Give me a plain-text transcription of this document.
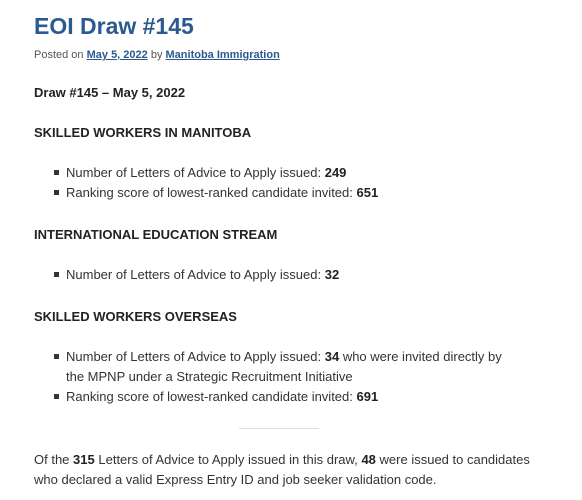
EOI Draw #145
Posted on May 5, 2022 by Manitoba Immigration
Draw #145 – May 5, 2022
SKILLED WORKERS IN MANITOBA
Number of Letters of Advice to Apply issued: 249
Ranking score of lowest-ranked candidate invited: 651
INTERNATIONAL EDUCATION STREAM
Number of Letters of Advice to Apply issued: 32
SKILLED WORKERS OVERSEAS
Number of Letters of Advice to Apply issued: 34 who were invited directly by the MPNP under a Strategic Recruitment Initiative
Ranking score of lowest-ranked candidate invited: 691

Of the 315 Letters of Advice to Apply issued in this draw, 48 were issued to candidates who declared a valid Express Entry ID and job seeker validation code.
